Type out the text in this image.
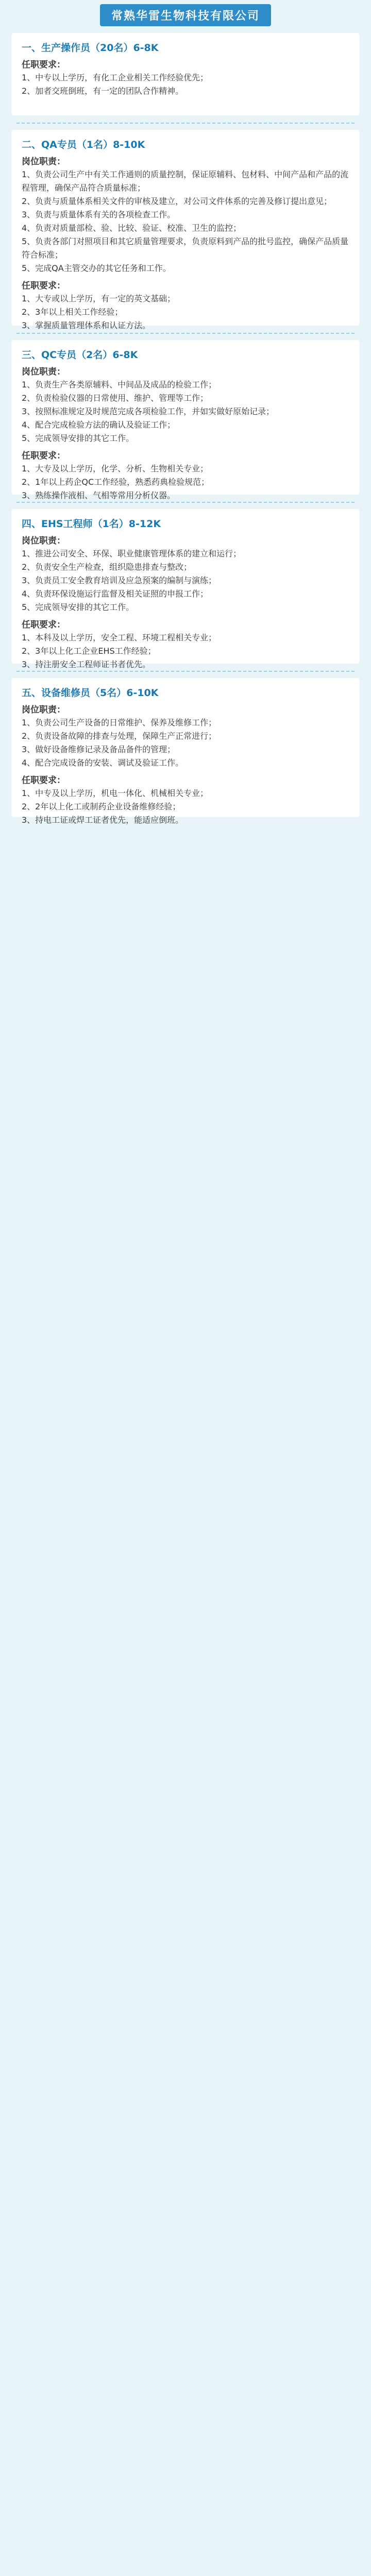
常熟华雷生物科技有限公司

一、生产操作员（20名）6-8K

任职要求：

1、中专以上学历，有化工企业相关工作经验优先；

2、加者交班倒班，有一定的团队合作精神。

二、QA专员（1名）8-10K

岗位职责：

1、负责公司生产中有关工作通则的质量控制，保证原辅料、包材料、中间产品和产品的流程管理，确保产品符合质量标准；

2、负责与质量体系相关文件的审核及建立，对公司文件体系的完善及修订提出意见；

3、负责与质量体系有关的各项检查工作。

4、负责对质量部检、验、比较、验证、校准、卫生的监控；

5、负责各部门对照项目和其它质量管理要求，负责原料到产品的批号监控，确保产品质量符合标准；

5、完成QA主管交办的其它任务和工作。

任职要求：

1、大专或以上学历，有一定的英文基础；

2、3年以上相关工作经验；

3、掌握质量管理体系和认证方法。

三、QC专员（2名）6-8K

岗位职责：

1、负责生产各类原辅料、中间品及成品的检验工作；

2、负责检验仪器的日常使用、维护、管理等工作；

3、按照标准规定及时规范完成各项检验工作，并如实做好原始记录；

4、配合完成检验方法的确认及验证工作；

5、完成领导安排的其它工作。

任职要求：

1、大专及以上学历，化学、分析、生物相关专业；

2、1年以上药企QC工作经验，熟悉药典检验规范；

3、熟练操作液相、气相等常用分析仪器。

四、EHS工程师（1名）8-12K

岗位职责：

1、推进公司安全、环保、职业健康管理体系的建立和运行；

2、负责安全生产检查，组织隐患排查与整改；

3、负责员工安全教育培训及应急预案的编制与演练；

4、负责环保设施运行监督及相关证照的申报工作；

5、完成领导安排的其它工作。

任职要求：

1、本科及以上学历，安全工程、环境工程相关专业；

2、3年以上化工企业EHS工作经验；

3、持注册安全工程师证书者优先。

五、设备维修员（5名）6-10K

岗位职责：

1、负责公司生产设备的日常维护、保养及维修工作；

2、负责设备故障的排查与处理，保障生产正常进行；

3、做好设备维修记录及备品备件的管理；

4、配合完成设备的安装、调试及验证工作。

任职要求：

1、中专及以上学历，机电一体化、机械相关专业；

2、2年以上化工或制药企业设备维修经验；

3、持电工证或焊工证者优先，能适应倒班。
